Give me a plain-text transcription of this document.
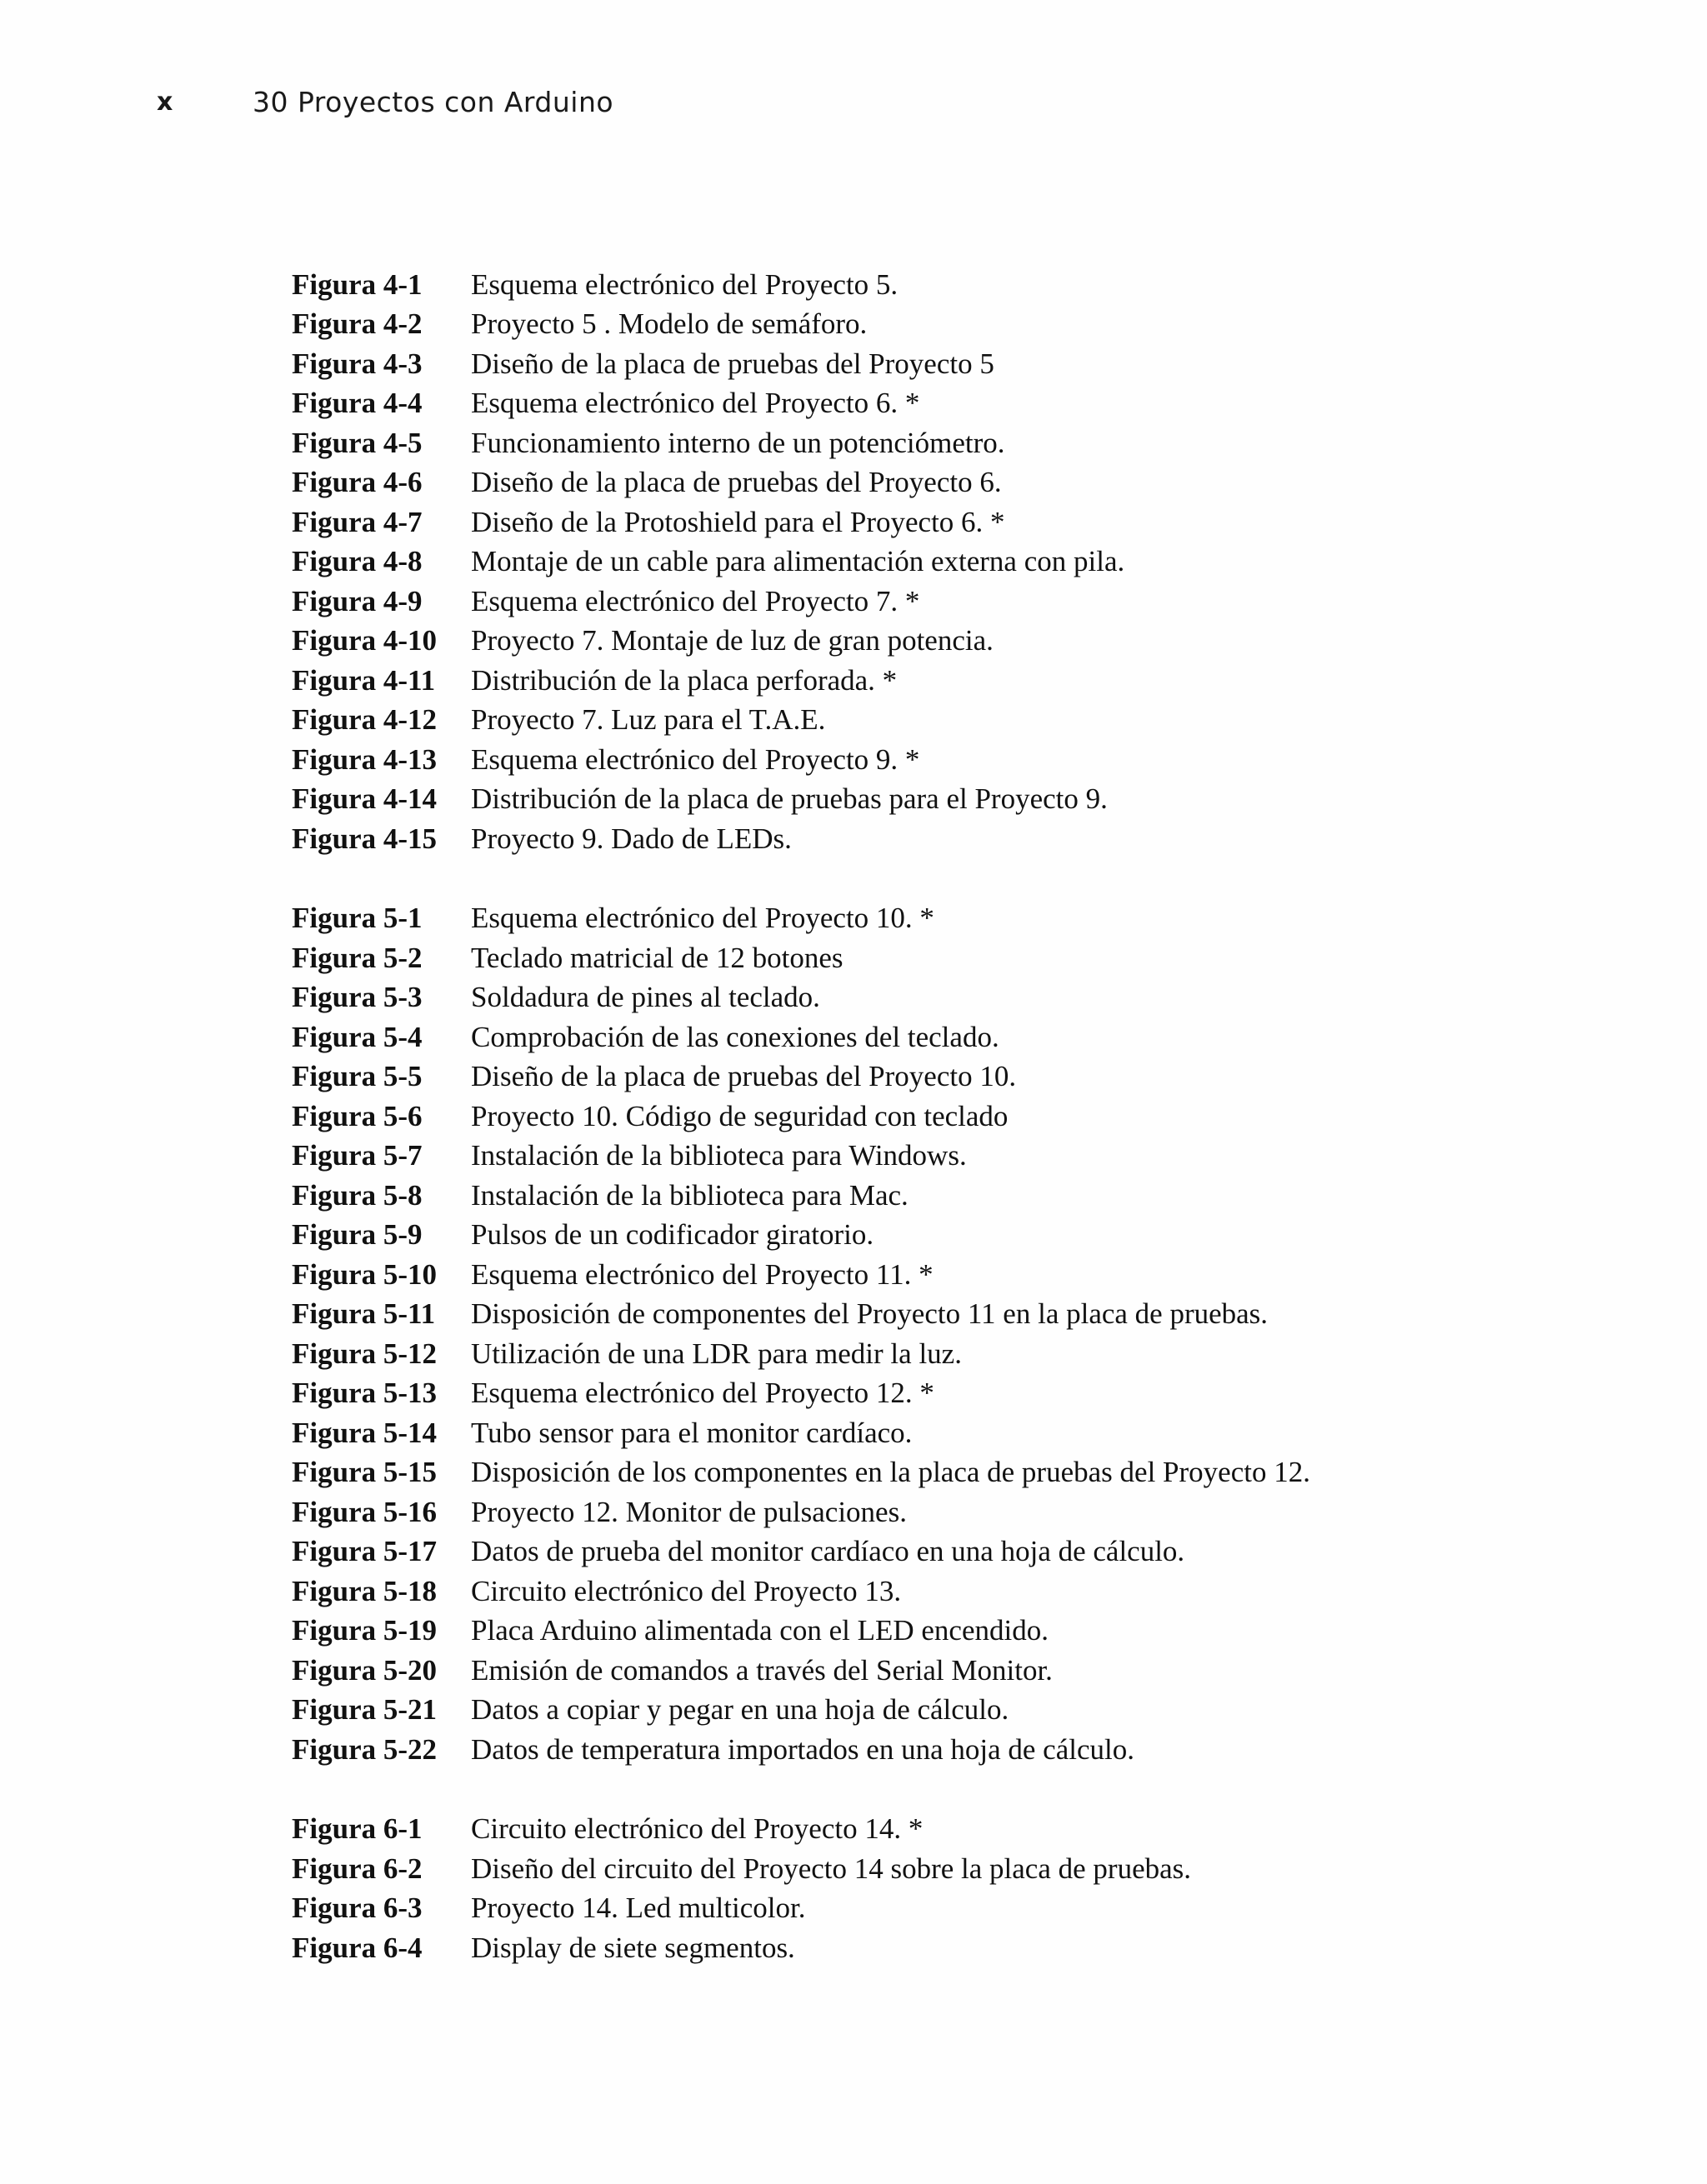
x	30 Proyectos con Arduino
Figura 4-1	Esquema electrónico del Proyecto 5.
Figura 4-2	Proyecto 5 . Modelo de semáforo.
Figura 4-3	Diseño de la placa de pruebas del Proyecto 5
Figura 4-4	Esquema electrónico del Proyecto 6. *
Figura 4-5	Funcionamiento interno de un potenciómetro.
Figura 4-6	Diseño de la placa de pruebas del Proyecto 6.
Figura 4-7	Diseño de la Protoshield para el Proyecto 6. *
Figura 4-8	Montaje de un cable para alimentación externa con pila.
Figura 4-9	Esquema electrónico del Proyecto 7. *
Figura 4-10	Proyecto 7. Montaje de luz de gran potencia.
Figura 4-11	Distribución de la placa perforada. *
Figura 4-12	Proyecto 7. Luz para el T.A.E.
Figura 4-13	Esquema electrónico del Proyecto 9. *
Figura 4-14	Distribución de la placa de pruebas para el Proyecto 9.
Figura 4-15	Proyecto 9. Dado de LEDs.
Figura 5-1	Esquema electrónico del Proyecto 10. *
Figura 5-2	Teclado matricial de 12 botones
Figura 5-3	Soldadura de pines al teclado.
Figura 5-4	Comprobación de las conexiones del teclado.
Figura 5-5	Diseño de la placa de pruebas del Proyecto 10.
Figura 5-6	Proyecto 10. Código de seguridad con teclado
Figura 5-7	Instalación de la biblioteca para Windows.
Figura 5-8	Instalación de la biblioteca para Mac.
Figura 5-9	Pulsos de un codificador giratorio.
Figura 5-10	Esquema electrónico del Proyecto 11. *
Figura 5-11	Disposición de componentes del Proyecto 11 en la placa de pruebas.
Figura 5-12	Utilización de una LDR para medir la luz.
Figura 5-13	Esquema electrónico del Proyecto 12. *
Figura 5-14	Tubo sensor para el monitor cardíaco.
Figura 5-15	Disposición de los componentes en la placa de pruebas del Proyecto 12.
Figura 5-16	Proyecto 12. Monitor de pulsaciones.
Figura 5-17	Datos de prueba del monitor cardíaco en una hoja de cálculo.
Figura 5-18	Circuito electrónico del Proyecto 13.
Figura 5-19	Placa Arduino alimentada con el LED encendido.
Figura 5-20	Emisión de comandos a través del Serial Monitor.
Figura 5-21	Datos a copiar y pegar en una hoja de cálculo.
Figura 5-22	Datos de temperatura importados en una hoja de cálculo.
Figura 6-1	Circuito electrónico del Proyecto 14. *
Figura 6-2	Diseño del circuito del Proyecto 14 sobre la placa de pruebas.
Figura 6-3	Proyecto 14. Led multicolor.
Figura 6-4	Display de siete segmentos.
